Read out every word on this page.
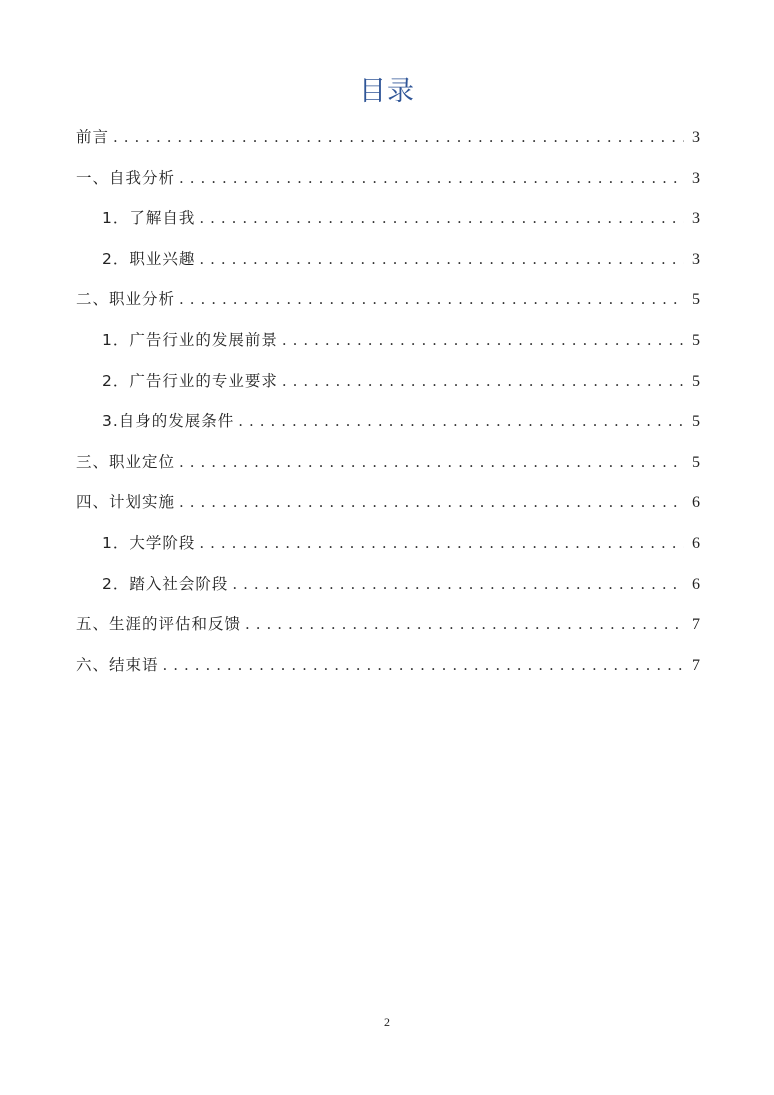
目录
前言 . . .	3
一、自我分析 . . .	3
1．了解自我 . . .	3
2．职业兴趣 . . .	3
二、职业分析 . . .	5
1．广告行业的发展前景 . . .	5
2．广告行业的专业要求 . . .	5
3.自身的发展条件 . . .	5
三、职业定位 . . .	5
四、计划实施 . . .	6
1．大学阶段 . . .	6
2．踏入社会阶段 . . .	6
五、生涯的评估和反馈 . . .	7
六、结束语 . . .	7
2
